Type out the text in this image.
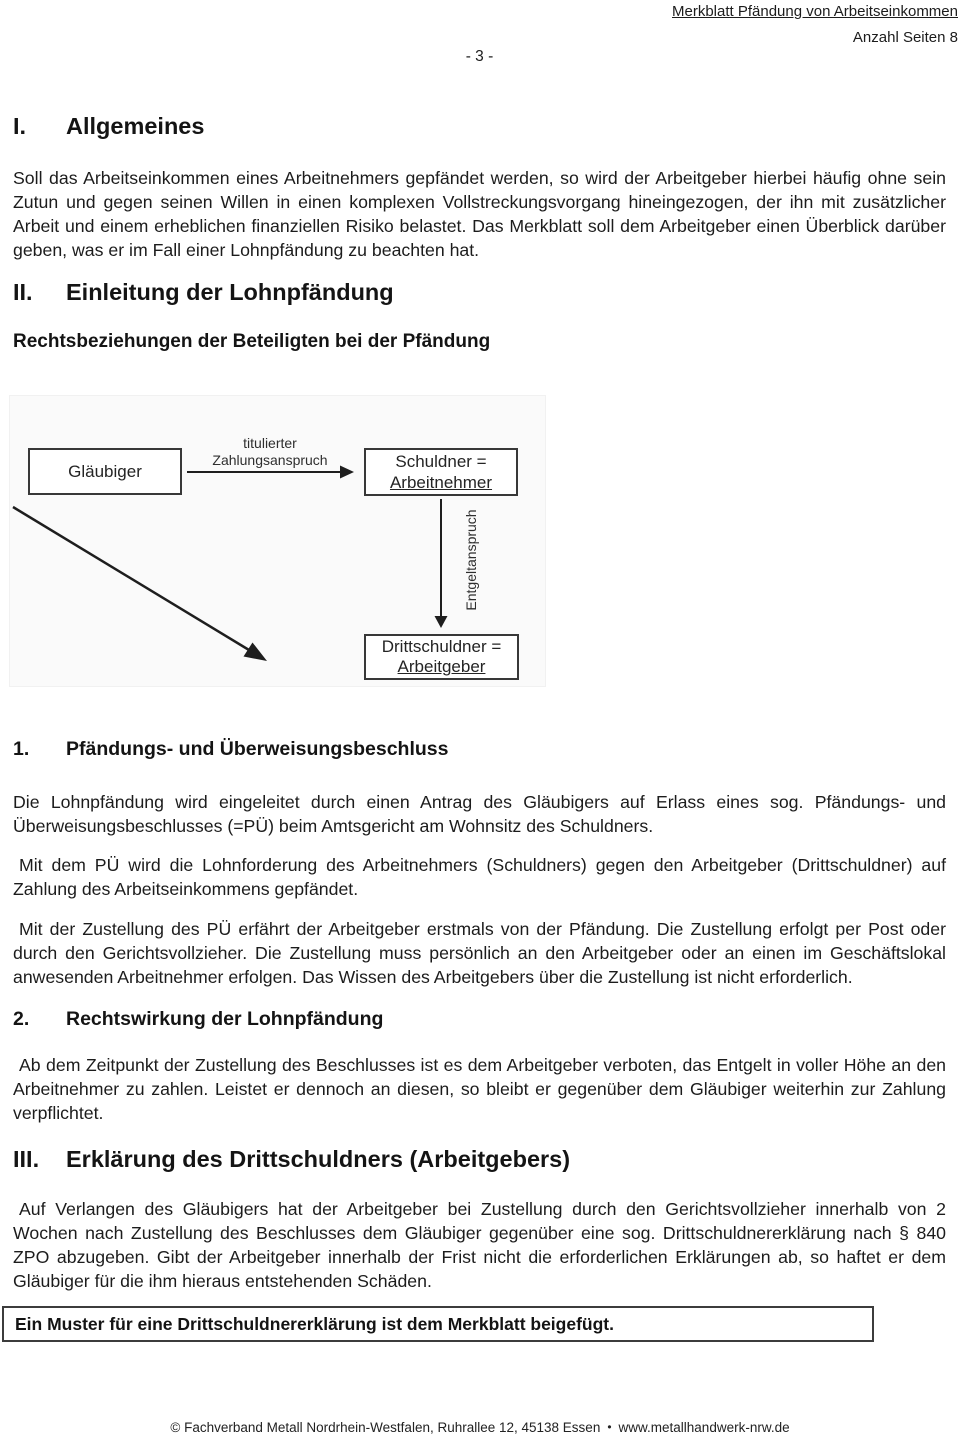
Merkblatt Pfändung von Arbeitseinkommen
Anzahl Seiten 8
- 3 -
I.	Allgemeines
Soll das Arbeitseinkommen eines Arbeitnehmers gepfändet werden, so wird der Arbeitgeber hierbei häufig ohne sein Zutun und gegen seinen Willen in einen komplexen Vollstreckungsvorgang hineingezogen, der ihn mit zusätzlicher Arbeit und einem erheblichen finanziellen Risiko belastet. Das Merkblatt soll dem Arbeitgeber einen Überblick darüber geben, was er im Fall einer Lohnpfändung zu beachten hat.
II.	Einleitung der Lohnpfändung
Rechtsbeziehungen der Beteiligten bei der Pfändung
Gläubiger
titulierter
Zahlungsanspruch	Schuldner =
Arbeitnehmer
Entgeltanspruch
Drittschuldner =
Arbeitgeber
1.	Pfändungs- und Überweisungsbeschluss
Die Lohnpfändung wird eingeleitet durch einen Antrag des Gläubigers auf Erlass eines sog. Pfändungs- und Überweisungsbeschlusses (=PÜ) beim Amtsgericht am Wohnsitz des Schuldners.
Mit dem PÜ wird die Lohnforderung des Arbeitnehmers (Schuldners) gegen den Arbeitgeber (Drittschuldner) auf Zahlung des Arbeitseinkommens gepfändet.
Mit der Zustellung des PÜ erfährt der Arbeitgeber erstmals von der Pfändung. Die Zustellung erfolgt per Post oder durch den Gerichtsvollzieher. Die Zustellung muss persönlich an den Arbeitgeber oder an einen im Geschäftslokal anwesenden Arbeitnehmer erfolgen. Das Wissen des Arbeitgebers über die Zustellung ist nicht erforderlich.
2.	Rechtswirkung der Lohnpfändung
Ab dem Zeitpunkt der Zustellung des Beschlusses ist es dem Arbeitgeber verboten, das Entgelt in voller Höhe an den Arbeitnehmer zu zahlen. Leistet er dennoch an diesen, so bleibt er gegenüber dem Gläubiger weiterhin zur Zahlung verpflichtet.
III.	Erklärung des Drittschuldners (Arbeitgebers)
Auf Verlangen des Gläubigers hat der Arbeitgeber bei Zustellung durch den Gerichtsvollzieher innerhalb von 2 Wochen nach Zustellung des Beschlusses dem Gläubiger gegenüber eine sog. Drittschuldnererklärung nach § 840 ZPO abzugeben. Gibt der Arbeitgeber innerhalb der Frist nicht die erforderlichen Erklärungen ab, so haftet er dem Gläubiger für die ihm hieraus entstehenden Schäden.
Ein Muster für eine Drittschuldnererklärung ist dem Merkblatt beigefügt.
© Fachverband Metall Nordrhein-Westfalen, Ruhrallee 12, 45138 Essen • www.metallhandwerk-nrw.de
